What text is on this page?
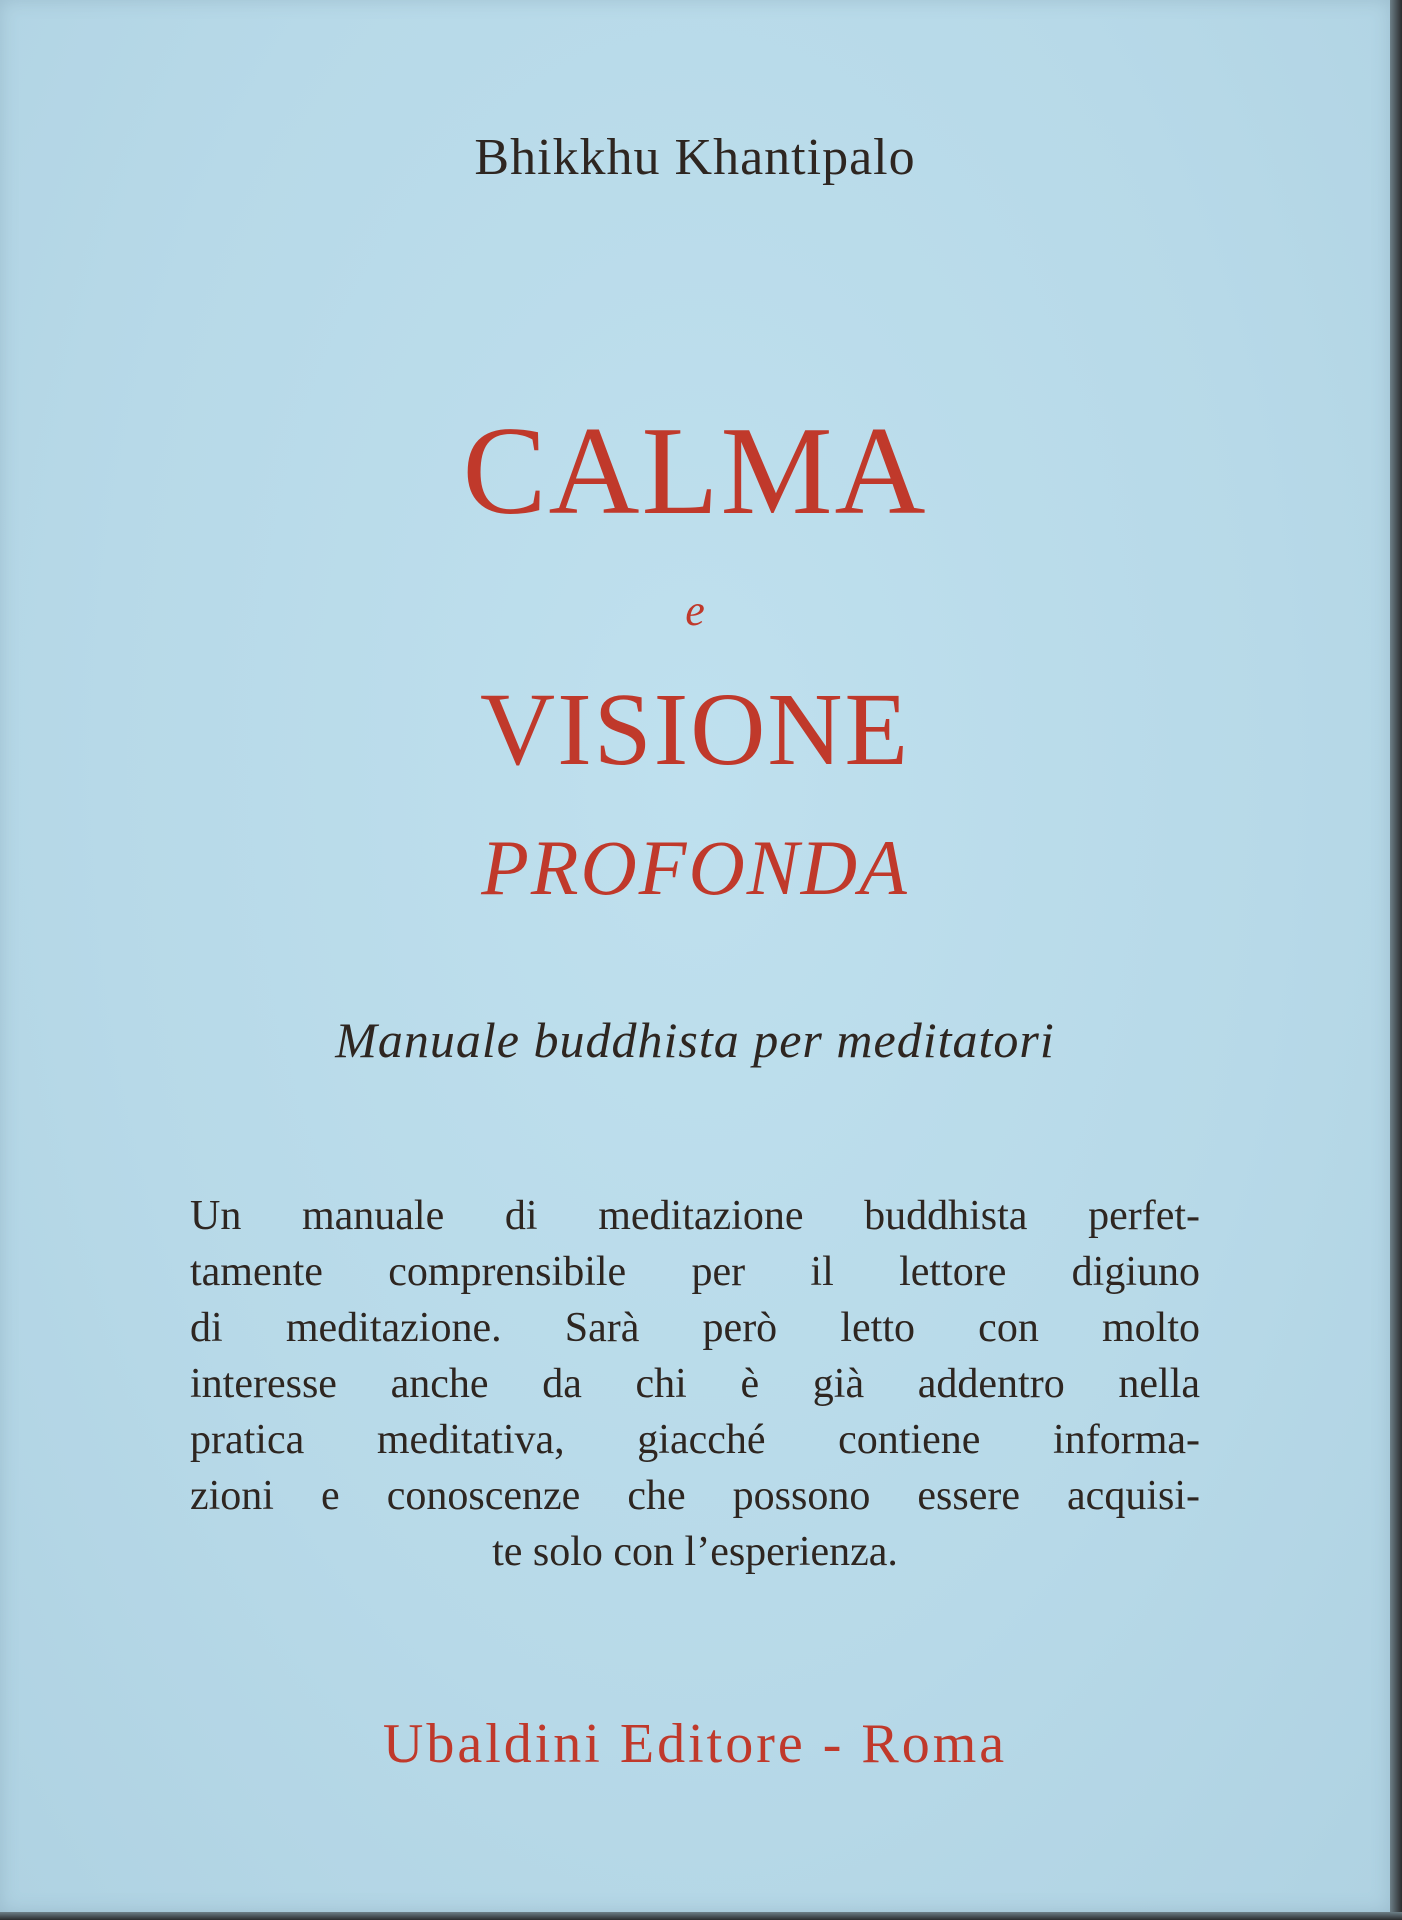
Bhikkhu Khantipalo

CALMA

e

VISIONE

PROFONDA

Manuale buddhista per meditatori

Un manuale di meditazione buddhista perfet-
tamente comprensibile per il lettore digiuno
di meditazione. Sarà però letto con molto
interesse anche da chi è già addentro nella
pratica meditativa, giacché contiene informa-
zioni e conoscenze che possono essere acquisi-
te solo con l’esperienza.

Ubaldini Editore - Roma
